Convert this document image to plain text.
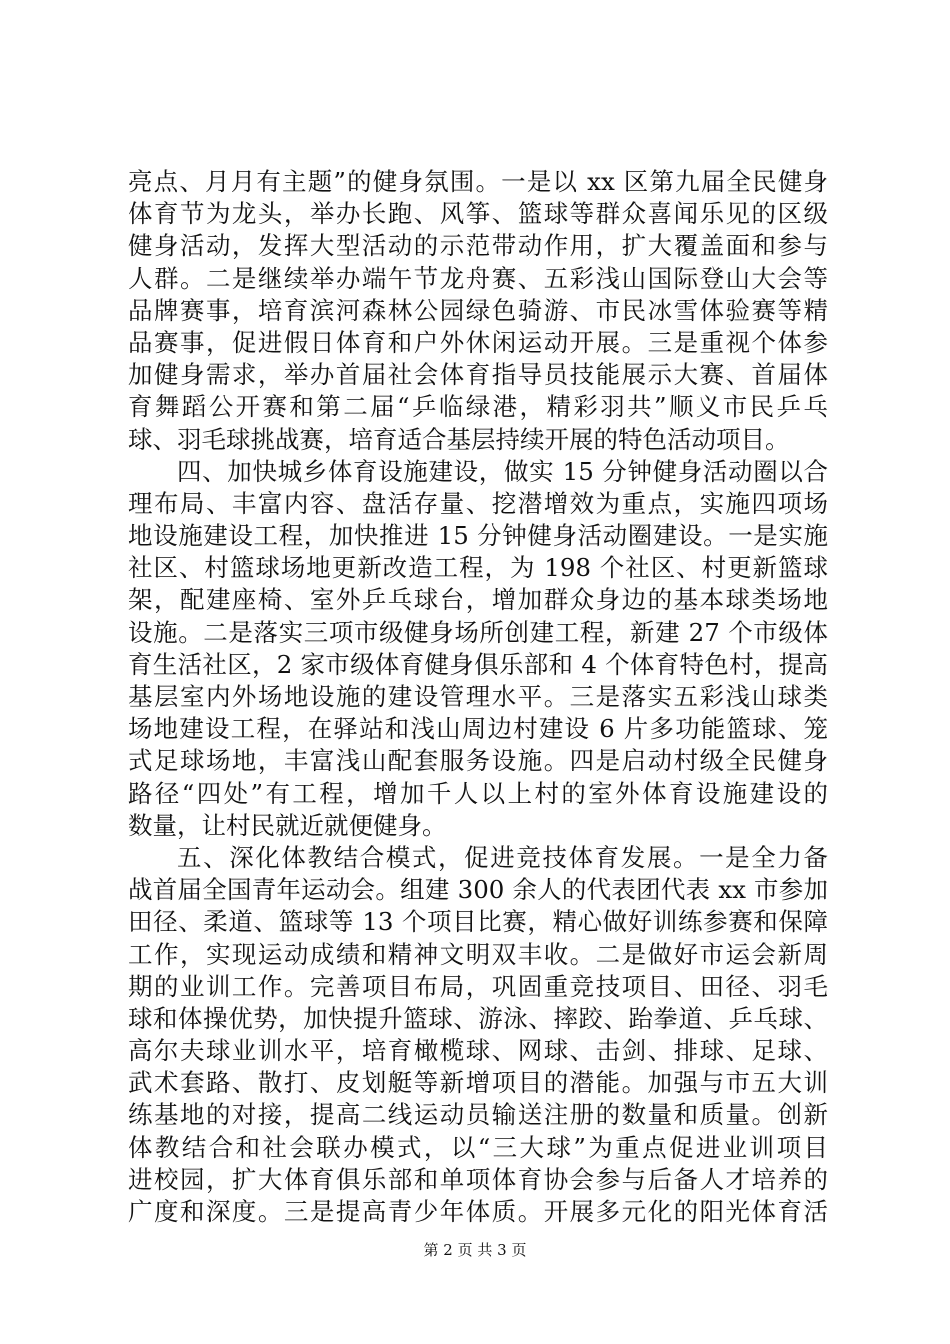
亮点、月月有主题”的健身氛围。一是以 xx 区第九届全民健身
体育节为龙头，举办长跑、风筝、篮球等群众喜闻乐见的区级
健身活动，发挥大型活动的示范带动作用，扩大覆盖面和参与
人群。二是继续举办端午节龙舟赛、五彩浅山国际登山大会等
品牌赛事，培育滨河森林公园绿色骑游、市民冰雪体验赛等精
品赛事，促进假日体育和户外休闲运动开展。三是重视个体参
加健身需求，举办首届社会体育指导员技能展示大赛、首届体
育舞蹈公开赛和第二届“乒临绿港，精彩羽共”顺义市民乒乓
球、羽毛球挑战赛，培育适合基层持续开展的特色活动项目。
四、加快城乡体育设施建设，做实 15 分钟健身活动圈以合
理布局、丰富内容、盘活存量、挖潜增效为重点，实施四项场
地设施建设工程，加快推进 15 分钟健身活动圈建设。一是实施
社区、村篮球场地更新改造工程，为 198 个社区、村更新篮球
架，配建座椅、室外乒乓球台，增加群众身边的基本球类场地
设施。二是落实三项市级健身场所创建工程，新建 27 个市级体
育生活社区，2 家市级体育健身俱乐部和 4 个体育特色村，提高
基层室内外场地设施的建设管理水平。三是落实五彩浅山球类
场地建设工程，在驿站和浅山周边村建设 6 片多功能篮球、笼
式足球场地，丰富浅山配套服务设施。四是启动村级全民健身
路径“四处”有工程，增加千人以上村的室外体育设施建设的
数量，让村民就近就便健身。
五、深化体教结合模式，促进竞技体育发展。一是全力备
战首届全国青年运动会。组建 300 余人的代表团代表 xx 市参加
田径、柔道、篮球等 13 个项目比赛，精心做好训练参赛和保障
工作，实现运动成绩和精神文明双丰收。二是做好市运会新周
期的业训工作。完善项目布局，巩固重竞技项目、田径、羽毛
球和体操优势，加快提升篮球、游泳、摔跤、跆拳道、乒乓球、
高尔夫球业训水平，培育橄榄球、网球、击剑、排球、足球、
武术套路、散打、皮划艇等新增项目的潜能。加强与市五大训
练基地的对接，提高二线运动员输送注册的数量和质量。创新
体教结合和社会联办模式，以“三大球”为重点促进业训项目
进校园，扩大体育俱乐部和单项体育协会参与后备人才培养的
广度和深度。三是提高青少年体质。开展多元化的阳光体育活
第 2 页 共 3 页
